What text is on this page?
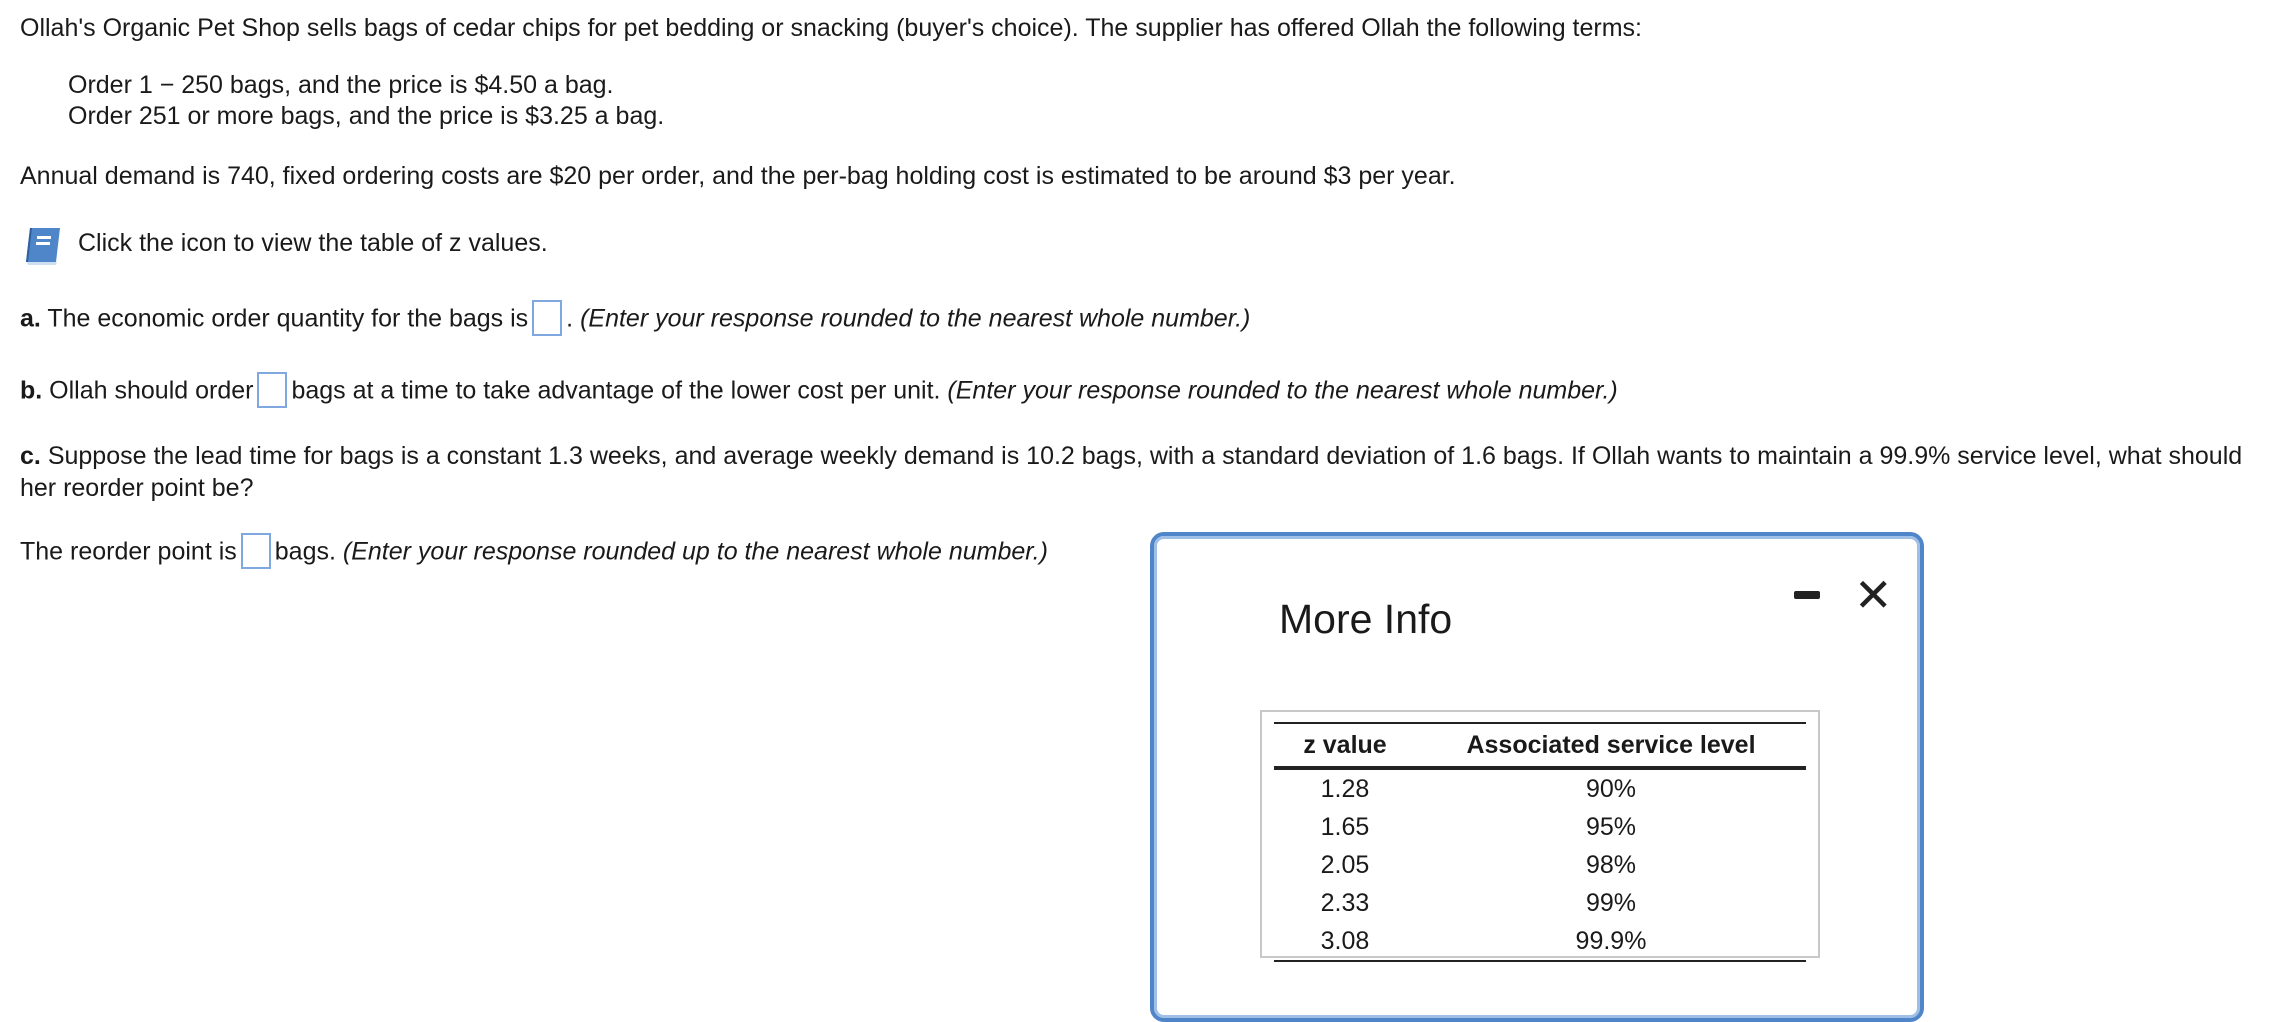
Ollah's Organic Pet Shop sells bags of cedar chips for pet bedding or snacking (buyer's choice). The supplier has offered Ollah the following terms:
Order 1 − 250 bags, and the price is $4.50 a bag.
Order 251 or more bags, and the price is $3.25 a bag.
Annual demand is 740, fixed ordering costs are $20 per order, and the per-bag holding cost is estimated to be around $3 per year.
Click the icon to view the table of z values.
a. The economic order quantity for the bags is . (Enter your response rounded to the nearest whole number.)
b. Ollah should order bags at a time to take advantage of the lower cost per unit. (Enter your response rounded to the nearest whole number.)
c. Suppose the lead time for bags is a constant 1.3 weeks, and average weekly demand is 10.2 bags, with a standard deviation of 1.6 bags. If Ollah wants to maintain a 99.9% service level, what should her reorder point be?
The reorder point is bags. (Enter your response rounded up to the nearest whole number.)
More Info	✕
z value	Associated service level
1.28	90%
1.65	95%
2.05	98%
2.33	99%
3.08	99.9%
